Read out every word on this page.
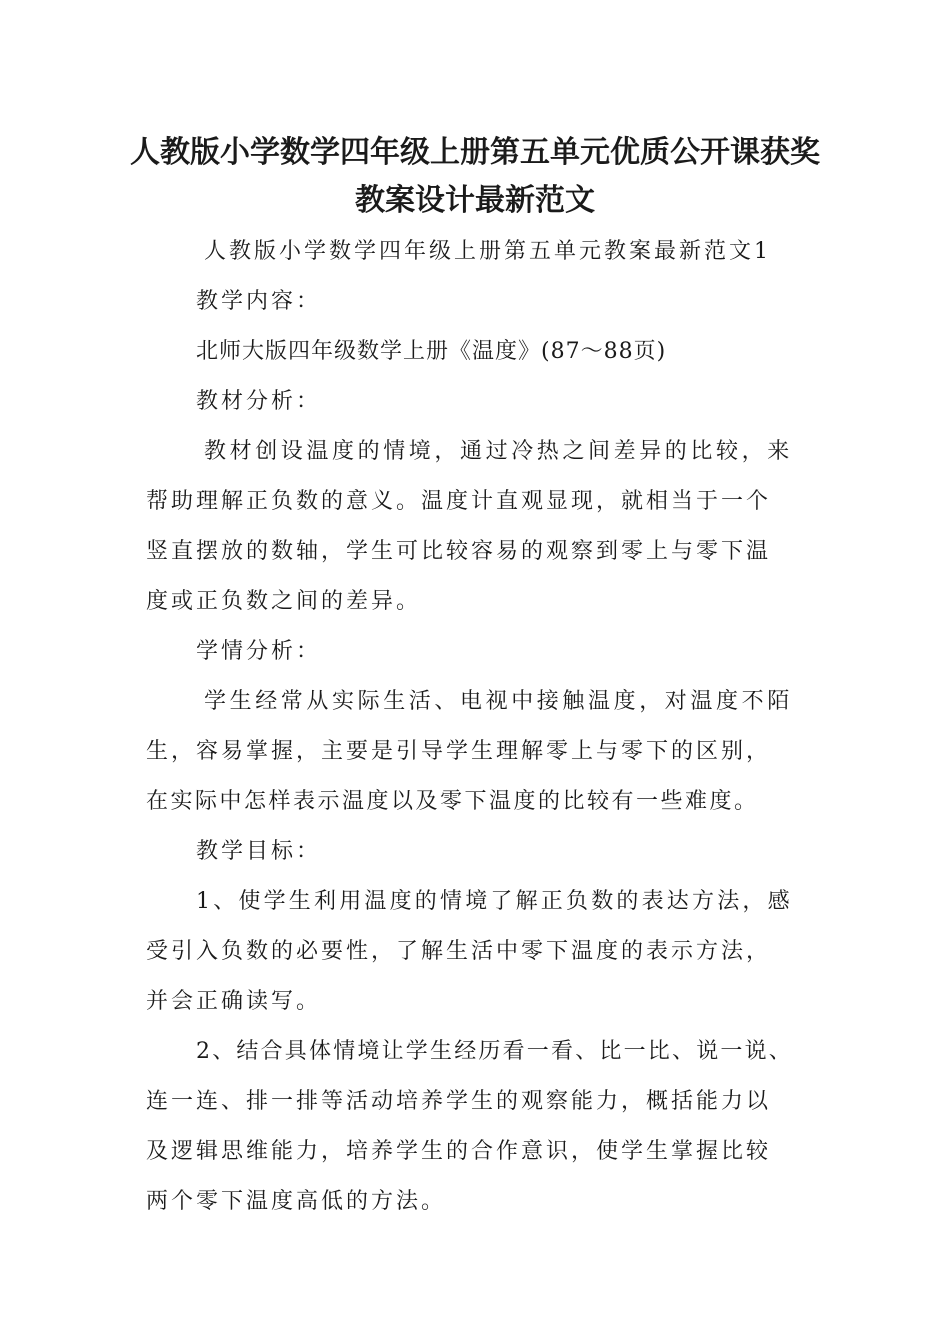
人教版小学数学四年级上册第五单元优质公开课获奖
教案设计最新范文
人教版小学数学四年级上册第五单元教案最新范文1
教学内容：
北师大版四年级数学上册《温度》(87～88页)
教材分析：
教材创设温度的情境，通过冷热之间差异的比较，来
帮助理解正负数的意义。温度计直观显现，就相当于一个
竖直摆放的数轴，学生可比较容易的观察到零上与零下温
度或正负数之间的差异。
学情分析：
学生经常从实际生活、电视中接触温度，对温度不陌
生，容易掌握，主要是引导学生理解零上与零下的区别，
在实际中怎样表示温度以及零下温度的比较有一些难度。
教学目标：
1、使学生利用温度的情境了解正负数的表达方法，感
受引入负数的必要性，了解生活中零下温度的表示方法，
并会正确读写。
2、结合具体情境让学生经历看一看、比一比、说一说、
连一连、排一排等活动培养学生的观察能力，概括能力以
及逻辑思维能力，培养学生的合作意识，使学生掌握比较
两个零下温度高低的方法。
